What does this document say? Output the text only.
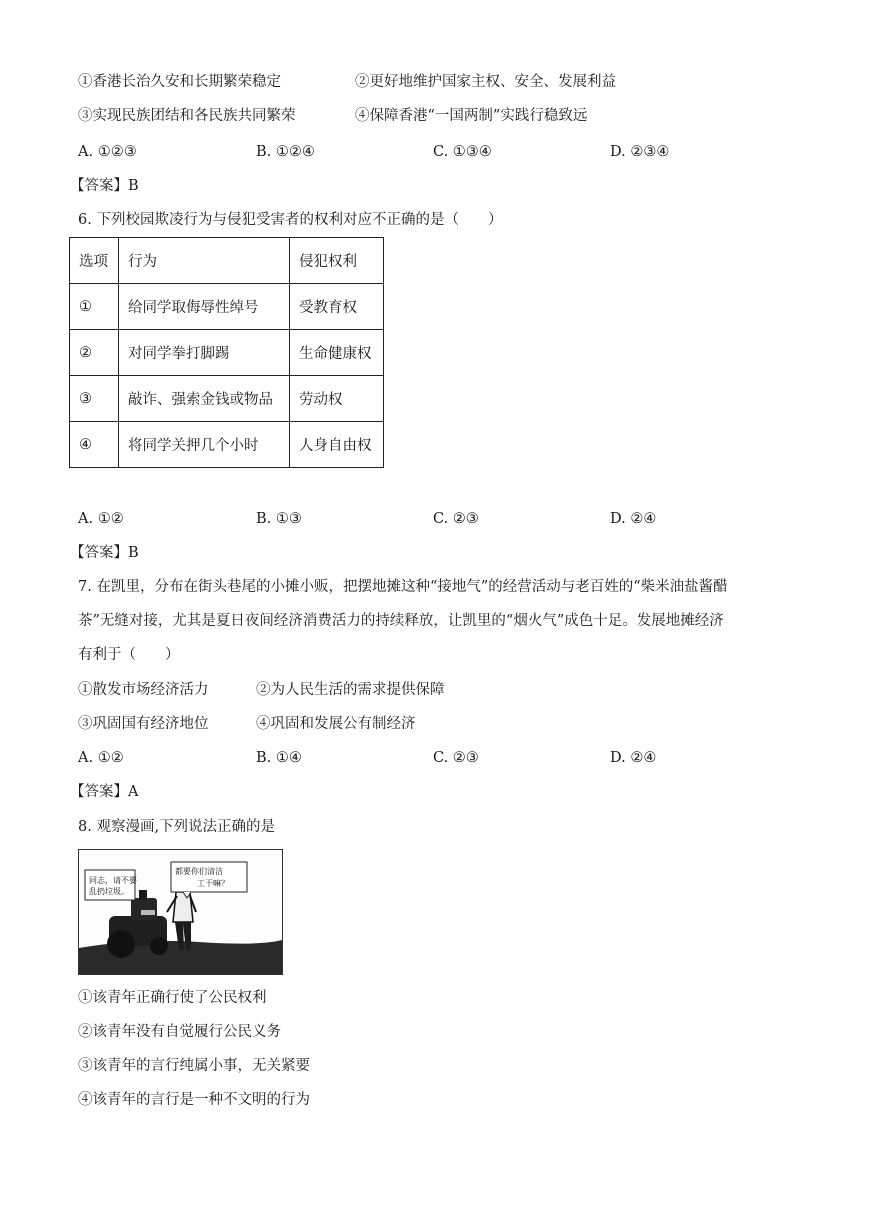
①香港长治久安和长期繁荣稳定	②更好地维护国家主权、安全、发展利益
③实现民族团结和各民族共同繁荣	④保障香港“一国两制”实践行稳致远
A. ①②③	B. ①②④	C. ①③④	D. ②③④
【答案】B
6. 下列校园欺凌行为与侵犯受害者的权利对应不正确的是（　　）
选项	行为	侵犯权利
①	给同学取侮辱性绰号	受教育权
②	对同学拳打脚踢	生命健康权
③	敲诈、强索金钱或物品	劳动权
④	将同学关押几个小时	人身自由权
A. ①②	B. ①③	C. ②③	D. ②④
【答案】B
7. 在凯里，分布在街头巷尾的小摊小贩，把摆地摊这种“接地气”的经营活动与老百姓的“柴米油盐酱醋
茶”无缝对接，尤其是夏日夜间经济消费活力的持续释放，让凯里的“烟火气”成色十足。发展地摊经济
有利于（　　）
①散发市场经济活力	②为人民生活的需求提供保障
③巩固国有经济地位	④巩固和发展公有制经济
A. ①②	B. ①④	C. ②③	D. ②④
【答案】A
8. 观察漫画,下列说法正确的是
同志，请不要
乱扔垃圾。
都要你们清洁
工干嘛？
①该青年正确行使了公民权利
②该青年没有自觉履行公民义务
③该青年的言行纯属小事，无关紧要
④该青年的言行是一种不文明的行为
